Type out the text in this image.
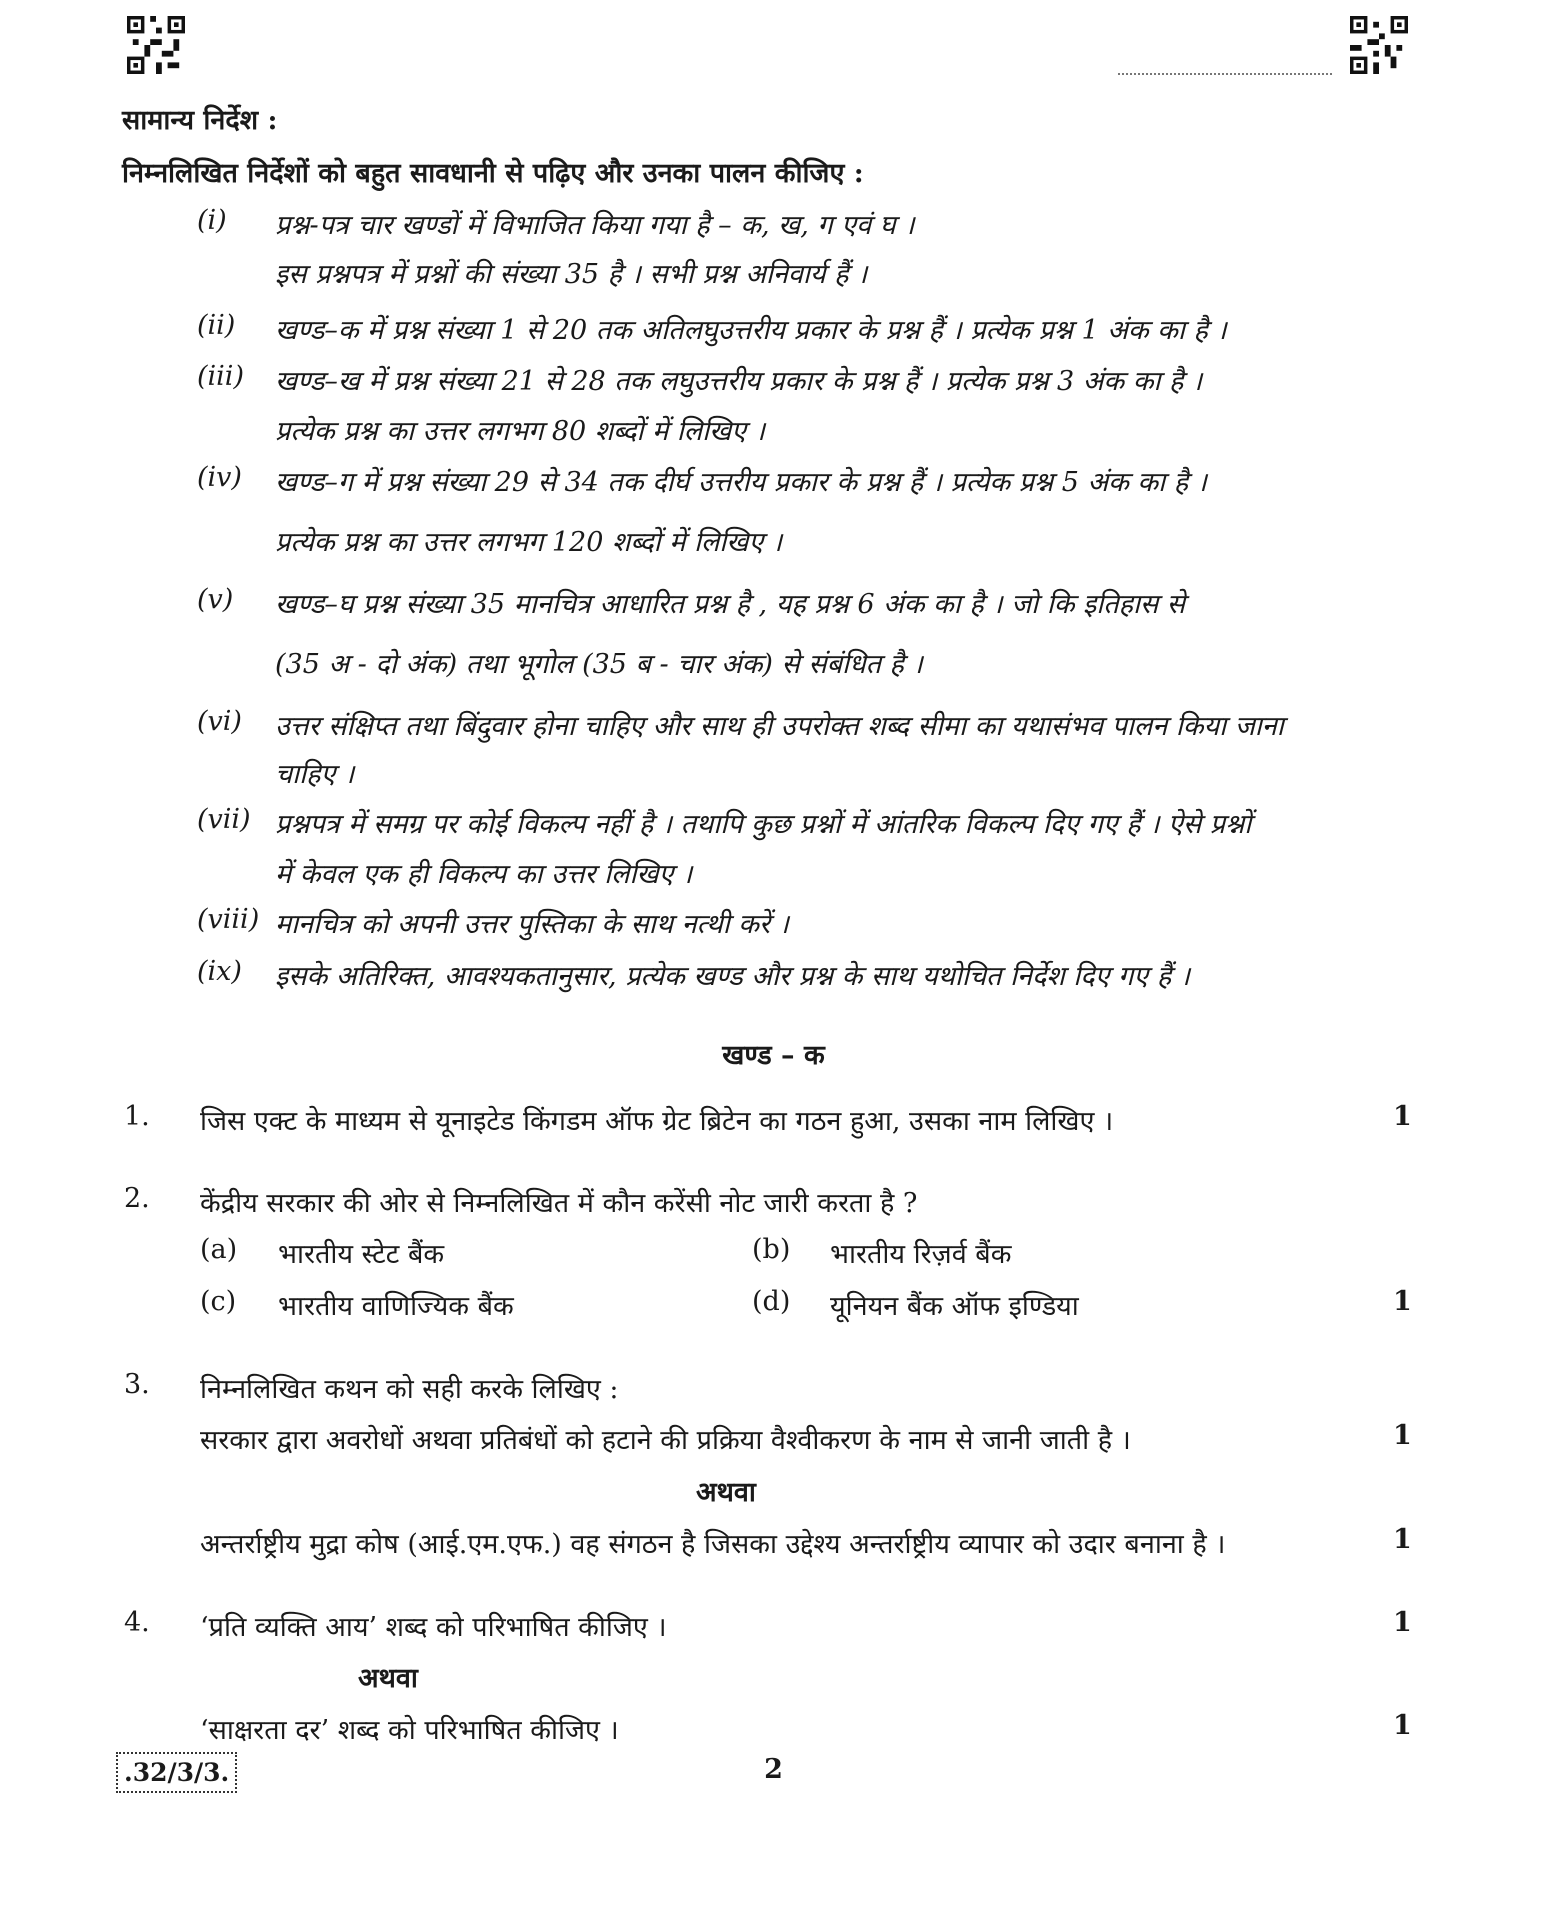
सामान्य निर्देश :
निम्नलिखित निर्देशों को बहुत सावधानी से पढ़िए और उनका पालन कीजिए :
(i) प्रश्न-पत्र चार खण्डों में विभाजित किया गया है – क, ख, ग एवं घ ।
इस प्रश्नपत्र में प्रश्नों की संख्या 35 है । सभी प्रश्न अनिवार्य हैं ।
(ii) खण्ड–क में प्रश्न संख्या 1 से 20 तक अतिलघुउत्तरीय प्रकार के प्रश्न हैं । प्रत्येक प्रश्न 1 अंक का है ।
(iii) खण्ड–ख में प्रश्न संख्या 21 से 28 तक लघुउत्तरीय प्रकार के प्रश्न हैं । प्रत्येक प्रश्न 3 अंक का है ।
प्रत्येक प्रश्न का उत्तर लगभग 80 शब्दों में लिखिए ।
(iv) खण्ड–ग में प्रश्न संख्या 29 से 34 तक दीर्घ उत्तरीय प्रकार के प्रश्न हैं । प्रत्येक प्रश्न 5 अंक का है ।
प्रत्येक प्रश्न का उत्तर लगभग 120 शब्दों में लिखिए ।
(v) खण्ड–घ प्रश्न संख्या 35 मानचित्र आधारित प्रश्न है , यह प्रश्न 6 अंक का है । जो कि इतिहास से
(35 अ - दो अंक) तथा भूगोल (35 ब - चार अंक) से संबंधित है ।
(vi) उत्तर संक्षिप्त तथा बिंदुवार होना चाहिए और साथ ही उपरोक्त शब्द सीमा का यथासंभव पालन किया जाना
चाहिए ।
(vii) प्रश्नपत्र में समग्र पर कोई विकल्प नहीं है । तथापि कुछ प्रश्नों में आंतरिक विकल्प दिए गए हैं । ऐसे प्रश्नों
में केवल एक ही विकल्प का उत्तर लिखिए ।
(viii) मानचित्र को अपनी उत्तर पुस्तिका के साथ नत्थी करें ।
(ix) इसके अतिरिक्त, आवश्यकतानुसार, प्रत्येक खण्ड और प्रश्न के साथ यथोचित निर्देश दिए गए हैं ।
खण्ड – क
1. जिस एक्ट के माध्यम से यूनाइटेड किंगडम ऑफ ग्रेट ब्रिटेन का गठन हुआ, उसका नाम लिखिए ।	1
2. केंद्रीय सरकार की ओर से निम्नलिखित में कौन करेंसी नोट जारी करता है ?
(a) भारतीय स्टेट बैंक	(b) भारतीय रिज़र्व बैंक
(c) भारतीय वाणिज्यिक बैंक	(d) यूनियन बैंक ऑफ इण्डिया	1
3. निम्नलिखित कथन को सही करके लिखिए :
सरकार द्वारा अवरोधों अथवा प्रतिबंधों को हटाने की प्रक्रिया वैश्वीकरण के नाम से जानी जाती है ।	1
अथवा
अन्तर्राष्ट्रीय मुद्रा कोष (आई.एम.एफ.) वह संगठन है जिसका उद्देश्य अन्तर्राष्ट्रीय व्यापार को उदार बनाना है ।	1
4. ‘प्रति व्यक्ति आय’ शब्द को परिभाषित कीजिए ।	1
अथवा
‘साक्षरता दर’ शब्द को परिभाषित कीजिए ।	1
.32/3/3.	2
